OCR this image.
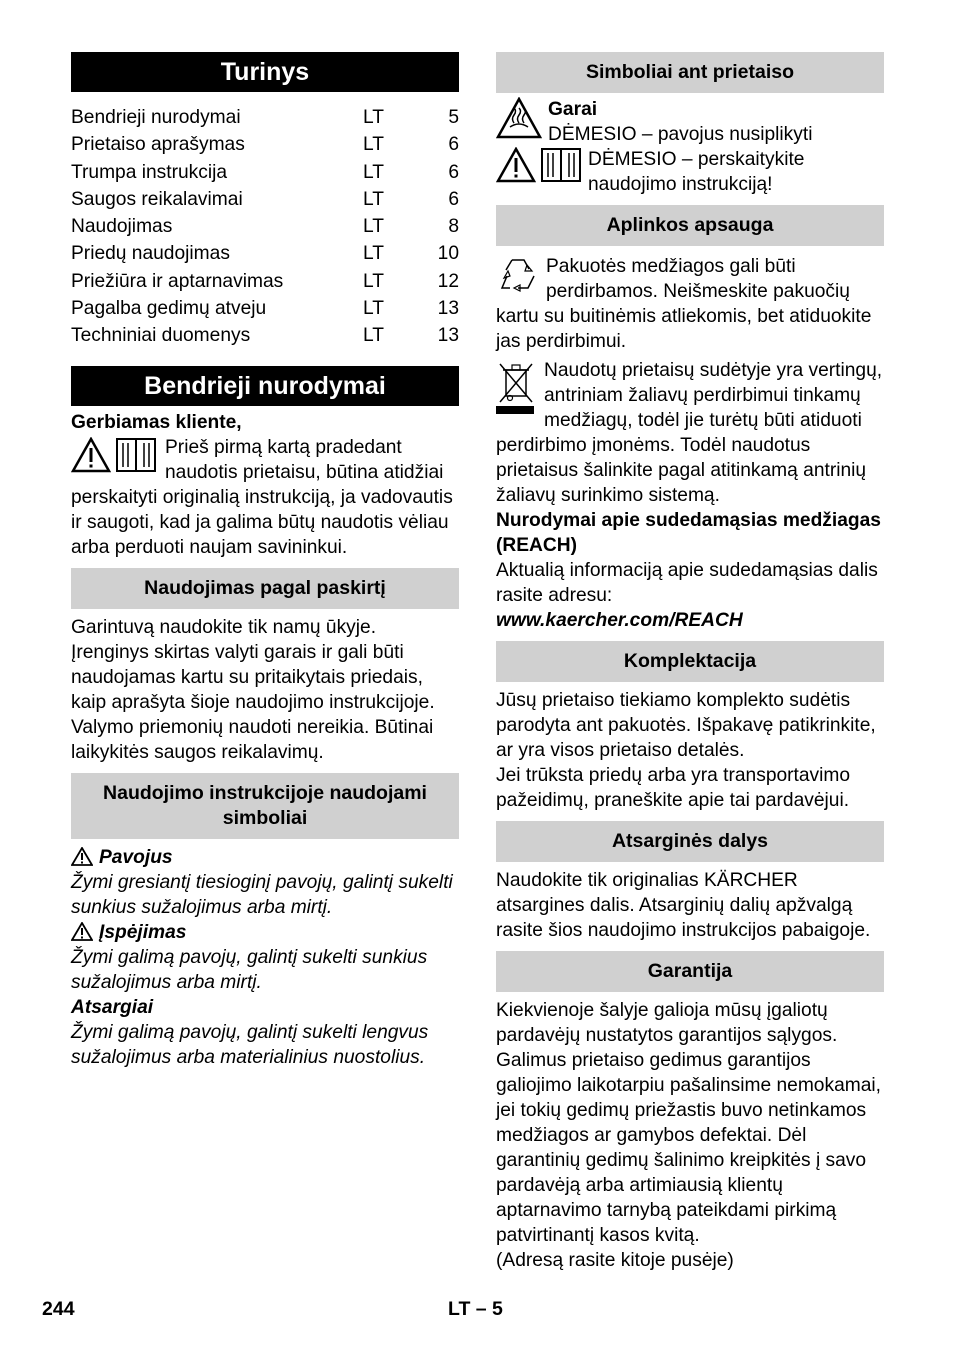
Turinys
Bendrieji nurodymai	LT	5
Prietaiso aprašymas	LT	6
Trumpa instrukcija	LT	6
Saugos reikalavimai	LT	6
Naudojimas	LT	8
Priedų naudojimas	LT	10
Priežiūra ir aptarnavimas	LT	12
Pagalba gedimų atveju	LT	13
Techniniai duomenys	LT	13
Bendrieji nurodymai

Gerbiamas kliente,

Prieš pirmą kartą pradedant naudotis prietaisu, būtina atidžiai perskaityti originalią instrukciją, ja vadovautis ir saugoti, kad ja galima būtų naudotis vėliau arba perduoti naujam savininkui.

Naudojimas pagal paskirtį

Garintuvą naudokite tik namų ūkyje. Įrenginys skirtas valyti garais ir gali būti naudojamas kartu su pritaikytais priedais, kaip aprašyta šioje naudojimo instrukcijoje. Valymo priemonių naudoti nereikia. Būtinai laikykitės saugos reikalavimų.

Naudojimo instrukcijoje naudojami simboliai

Pavojus

Žymi gresiantį tiesioginį pavojų, galintį sukelti sunkius sužalojimus arba mirtį.

Įspėjimas

Žymi galimą pavojų, galintį sukelti sunkius sužalojimus arba mirtį.

Atsargiai

Žymi galimą pavojų, galintį sukelti lengvus sužalojimus arba materialinius nuostolius.

Simboliai ant prietaiso

Garai

DĖMESIO – pavojus nusiplikyti

DĖMESIO – perskaitykite naudojimo instrukciją!

Aplinkos apsauga

Pakuotės medžiagos gali būti perdirbamos. Neišmeskite pakuočių kartu su buitinėmis atliekomis, bet atiduokite jas perdirbimui.

Naudotų prietaisų sudėtyje yra vertingų, antriniam žaliavų perdirbimui tinkamų medžiagų, todėl jie turėtų būti atiduoti perdirbimo įmonėms. Todėl naudotus prietaisus šalinkite pagal atitinkamą antrinių žaliavų surinkimo sistemą.

Nurodymai apie sudedamąsias medžiagas (REACH)

Aktualią informaciją apie sudedamąsias dalis rasite adresu:

www.kaercher.com/REACH

Komplektacija

Jūsų prietaiso tiekiamo komplekto sudėtis parodyta ant pakuotės. Išpakavę patikrinkite, ar yra visos prietaiso detalės.

Jei trūksta priedų arba yra transportavimo pažeidimų, praneškite apie tai pardavėjui.

Atsarginės dalys

Naudokite tik originalias KÄRCHER atsargines dalis. Atsarginių dalių apžvalgą rasite šios naudojimo instrukcijos pabaigoje.

Garantija

Kiekvienoje šalyje galioja mūsų įgaliotų pardavėjų nustatytos garantijos sąlygos. Galimus prietaiso gedimus garantijos galiojimo laikotarpiu pašalinsime nemokamai, jei tokių gedimų priežastis buvo netinkamos medžiagos ar gamybos defektai. Dėl garantinių gedimų šalinimo kreipkitės į savo pardavėją arba artimiausią klientų aptarnavimo tarnybą pateikdami pirkimą patvirtinantį kasos kvitą.

(Adresą rasite kitoje pusėje)

244	LT – 5
